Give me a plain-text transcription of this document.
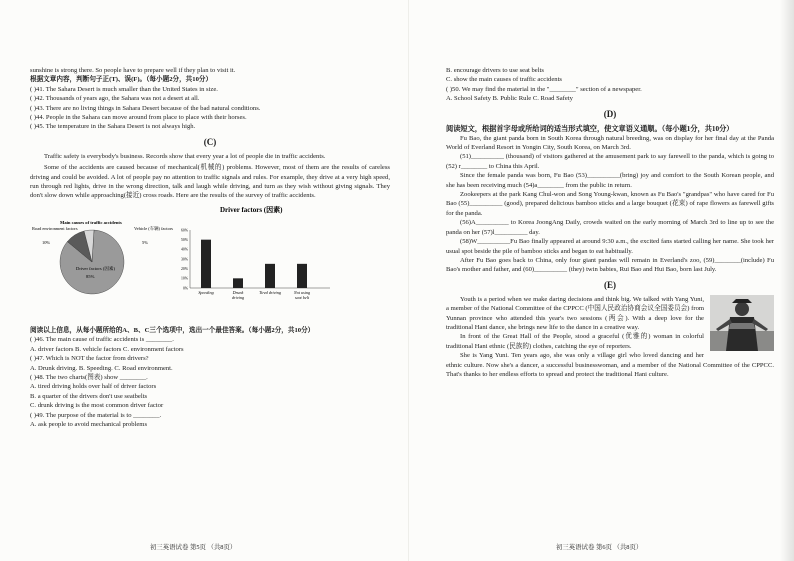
sunshine is strong there. So people have to prepare well if they plan to visit it.
根据文章内容，判断句子正(T)、误(F)。（每小题2分，共10分）
( )41. The Sahara Desert is much smaller than the United States in size.
( )42. Thousands of years ago, the Sahara was not a desert at all.
( )43. There are no living things in Sahara Desert because of the bad natural conditions.
( )44. People in the Sahara can move around from place to place with their horses.
( )45. The temperature in the Sahara Desert is not always high.
(C)

Traffic safety is everybody's business. Records show that every year a lot of people die in traffic accidents.

Some of the accidents are caused because of mechanical(机械的) problems. However, most of them are the results of careless driving and could be avoided. A lot of people pay no attention to traffic signals and rules. For example, they drive at a very high speed, run through red lights, drive in the wrong direction, talk and laugh while driving, and turn as they wish without giving signals. They don't slow down while approaching(接近) cross roads. Here are the results of the survey of traffic accidents.

Driver factors (因素)
Main causes of traffic accidents
Road environment factors
10%
Vehicle (车辆) factors
5%
Driver factors (因素)
85%
60%
50%
40%
30%
20%
10%
0%
Speeding	Drunk
driving
Tired driving	Not using
seat belt
阅读以上信息，从每小题所给的A、B、C三个选项中，选出一个最佳答案。（每小题2分，共10分）
( )46. The main cause of traffic accidents is ________.
A. driver factors B. vehicle factors C. environment factors
( )47. Which is NOT the factor from drivers?
A. Drunk driving. B. Speeding. C. Road environment.
( )48. The two charts(图表) show ________.
A. tired driving holds over half of driver factors
B. a quarter of the drivers don't use seatbelts
C. drunk driving is the most common driver factor
( )49. The purpose of the material is to ________.
A. ask people to avoid mechanical problems
初三英语试卷 第5页 （共8页）
B. encourage drivers to use seat belts
C. show the main causes of traffic accidents
( )50. We may find the material in the "________" section of a newspaper.
A. School Safety B. Public Rule C. Road Safety
(D)
阅读短文，根据首字母或所给词的适当形式填空，使文章语义通顺。（每小题1分，共10分）

Fu Bao, the giant panda born in South Korea through natural breeding, was on display for her final day at the Panda World of Everland Resort in Yongin City, South Korea, on March 3rd.

(51)__________ (thousand) of visitors gathered at the amusement park to say farewell to the panda, which is going to (52) r________ to China this April.

Since the female panda was born, Fu Bao (53)__________(bring) joy and comfort to the South Korean people, and she has been receiving much (54)a________ from the public in return.

Zookeepers at the park Kang Chul-won and Song Young-kwan, known as Fu Bao's "grandpas" who have cared for Fu Bao (55)__________ (good), prepared delicious bamboo sticks and a large bouquet (花束) of rape flowers as farewell gifts for the panda.

(56)A__________ to Korea JoongAng Daily, crowds waited on the early morning of March 3rd to line up to see the panda on her (57)l__________ day.

(58)W__________Fu Bao finally appeared at around 9:30 a.m., the excited fans started calling her name. She took her usual spot beside the pile of bamboo sticks and began to eat habitually.

After Fu Bao goes back to China, only four giant pandas will remain in Everland's zoo, (59)________(include) Fu Bao's mother and father, and (60)__________ (they) twin babies, Rui Bao and Hui Bao, born last July.

(E)

Youth is a period when we make daring decisions and think big. We talked with Yang Yuni, a member of the National Committee of the CPPCC (中国人民政治协商会议全国委员会) from Yunnan province who attended this year's two sessions (两会). With a deep love for the traditional Hani dance, she brings new life to the dance in a creative way.

In front of the Great Hall of the People, stood a graceful (优雅的) woman in colorful traditional Hani ethnic (民族的) clothes, catching the eye of reporters.

She is Yang Yuni. Ten years ago, she was only a village girl who loved dancing and her ethnic culture. Now she's a dancer, a successful businesswoman, and a member of the National Committee of the CPPCC. That's thanks to her endless efforts to spread and protect the traditional Hani culture.

初三英语试卷 第6页 （共8页）
